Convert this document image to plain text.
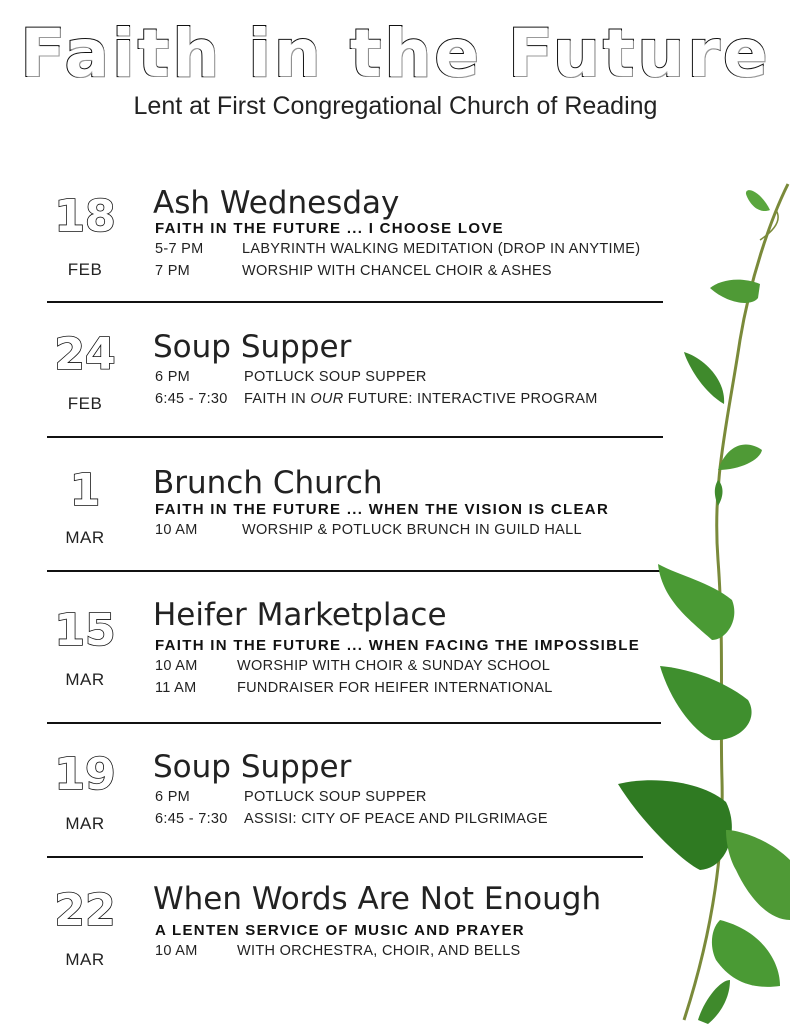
Faith in the Future
Lent at First Congregational Church of Reading
18
FEB
Ash Wednesday
FAITH IN THE FUTURE ... I CHOOSE LOVE
5-7 PM	LABYRINTH WALKING MEDITATION (DROP IN ANYTIME)
7 PM	WORSHIP WITH CHANCEL CHOIR & ASHES
24
FEB
Soup Supper
6 PM	POTLUCK SOUP SUPPER
6:45 - 7:30 FAITH IN OUR FUTURE: INTERACTIVE PROGRAM
1
MAR
Brunch Church
FAITH IN THE FUTURE ... WHEN THE VISION IS CLEAR
10 AM	WORSHIP & POTLUCK BRUNCH IN GUILD HALL
15
MAR
Heifer Marketplace
FAITH IN THE FUTURE ... WHEN FACING THE IMPOSSIBLE
10 AM	WORSHIP WITH CHOIR & SUNDAY SCHOOL
11 AM	FUNDRAISER FOR HEIFER INTERNATIONAL
19
MAR
Soup Supper
6 PM	POTLUCK SOUP SUPPER
6:45 - 7:30 ASSISI: CITY OF PEACE AND PILGRIMAGE
22
MAR
When Words Are Not Enough
A LENTEN SERVICE OF MUSIC AND PRAYER
10 AM	WITH ORCHESTRA, CHOIR, AND BELLS
